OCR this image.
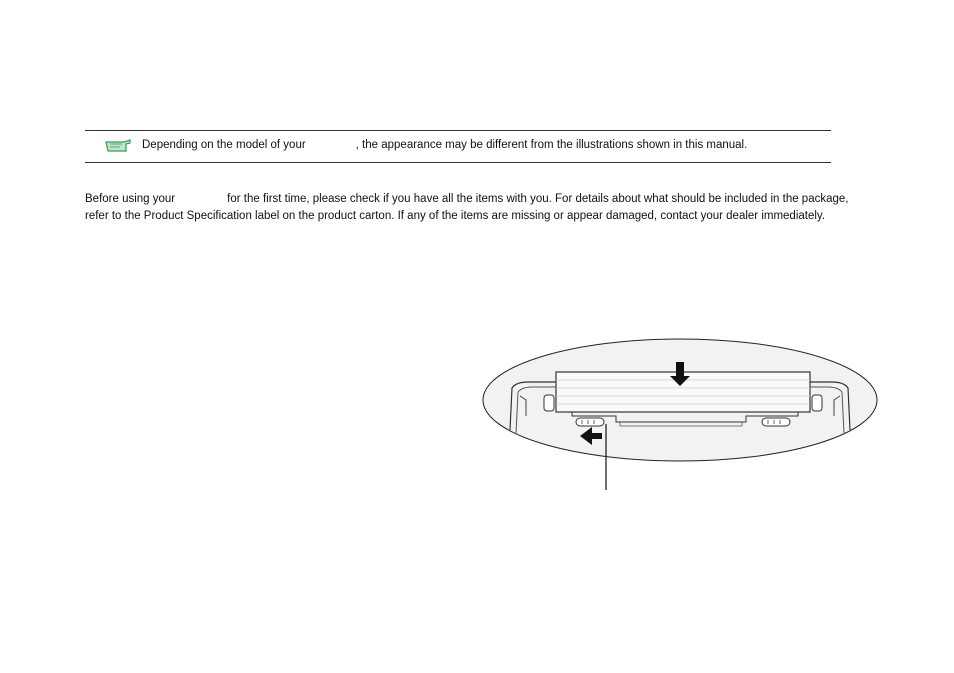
Depending on the model of your	, the appearance may be different from the illustrations shown in this manual.
Before using your	for the first time, please check if you have all the items with you. For details about what should be included in the package,
refer to the Product Specification label on the product carton. If any of the items are missing or appear damaged, contact your dealer immediately.
